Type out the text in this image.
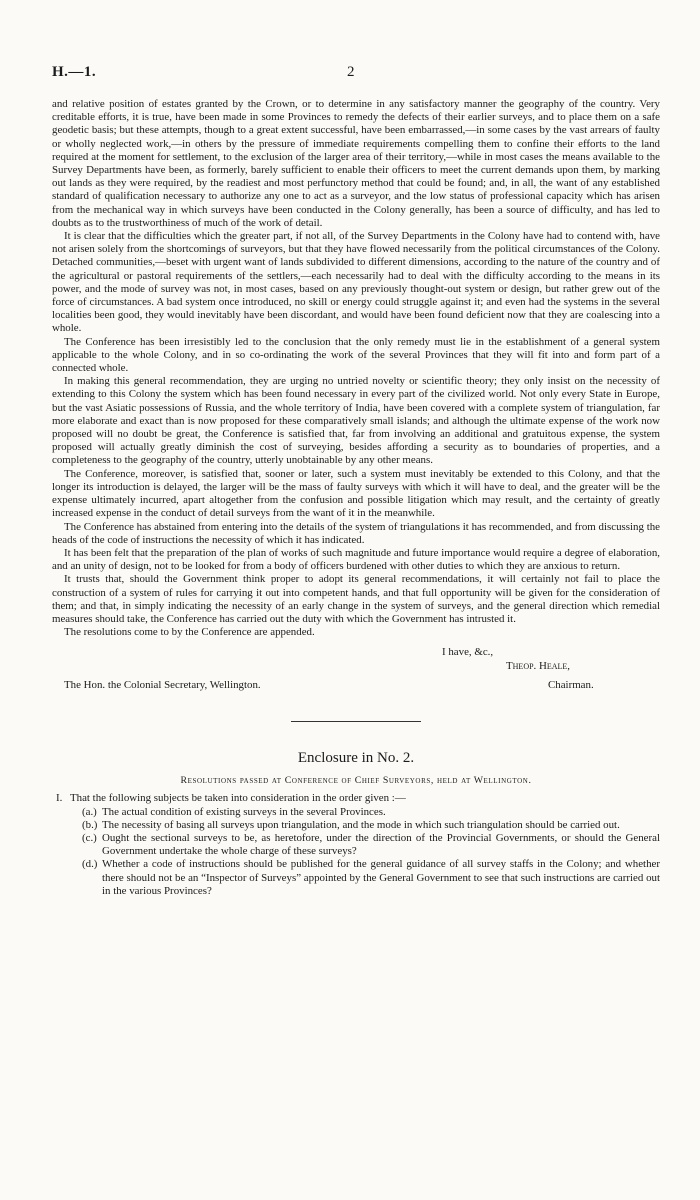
H.—1.	2

and relative position of estates granted by the Crown, or to determine in any satisfactory manner the geography of the country. Very creditable efforts, it is true, have been made in some Provinces to remedy the defects of their earlier surveys, and to place them on a safe geodetic basis; but these attempts, though to a great extent successful, have been embarrassed,—in some cases by the vast arrears of faulty or wholly neglected work,—in others by the pressure of immediate requirements compelling them to confine their efforts to the land required at the moment for settlement, to the exclusion of the larger area of their territory,—while in most cases the means available to the Survey Departments have been, as formerly, barely sufficient to enable their officers to meet the current demands upon them, by marking out lands as they were required, by the readiest and most perfunctory method that could be found; and, in all, the want of any established standard of qualification necessary to authorize any one to act as a surveyor, and the low status of professional capacity which has arisen from the mechanical way in which surveys have been conducted in the Colony generally, has been a source of difficulty, and has led to doubts as to the trustworthiness of much of the work of detail.

It is clear that the difficulties which the greater part, if not all, of the Survey Departments in the Colony have had to contend with, have not arisen solely from the shortcomings of surveyors, but that they have flowed necessarily from the political circumstances of the Colony. Detached communities,—beset with urgent want of lands subdivided to different dimensions, according to the nature of the country and of the agricultural or pastoral requirements of the settlers,—each necessarily had to deal with the difficulty according to the means in its power, and the mode of survey was not, in most cases, based on any previously thought-out system or design, but rather grew out of the force of circumstances. A bad system once introduced, no skill or energy could struggle against it; and even had the systems in the several localities been good, they would inevitably have been discordant, and would have been found deficient now that they are coalescing into a whole.

The Conference has been irresistibly led to the conclusion that the only remedy must lie in the establishment of a general system applicable to the whole Colony, and in so co-ordinating the work of the several Provinces that they will fit into and form part of a connected whole.

In making this general recommendation, they are urging no untried novelty or scientific theory; they only insist on the necessity of extending to this Colony the system which has been found necessary in every part of the civilized world. Not only every State in Europe, but the vast Asiatic possessions of Russia, and the whole territory of India, have been covered with a complete system of triangulation, far more elaborate and exact than is now proposed for these comparatively small islands; and although the ultimate expense of the work now proposed will no doubt be great, the Conference is satisfied that, far from involving an additional and gratuitous expense, the system proposed will actually greatly diminish the cost of surveying, besides affording a security as to boundaries of properties, and a completeness to the geography of the country, utterly unobtainable by any other means.

The Conference, moreover, is satisfied that, sooner or later, such a system must inevitably be extended to this Colony, and that the longer its introduction is delayed, the larger will be the mass of faulty surveys with which it will have to deal, and the greater will be the expense ultimately incurred, apart altogether from the confusion and possible litigation which may result, and the certainty of greatly increased expense in the conduct of detail surveys from the want of it in the meanwhile.

The Conference has abstained from entering into the details of the system of triangulations it has recommended, and from discussing the heads of the code of instructions the necessity of which it has indicated.

It has been felt that the preparation of the plan of works of such magnitude and future importance would require a degree of elaboration, and an unity of design, not to be looked for from a body of officers burdened with other duties to which they are anxious to return.

It trusts that, should the Government think proper to adopt its general recommendations, it will certainly not fail to place the construction of a system of rules for carrying it out into competent hands, and that full opportunity will be given for the consideration of them; and that, in simply indicating the necessity of an early change in the system of surveys, and the general direction which remedial measures should take, the Conference has carried out the duty with which the Government has intrusted it.

The resolutions come to by the Conference are appended.

I have, &c.,
Theop. Heale,
The Hon. the Colonial Secretary, Wellington.	Chairman.
Enclosure in No. 2.
Resolutions passed at Conference of Chief Surveyors, held at Wellington.
I. That the following subjects be taken into consideration in the order given :—
(a.) The actual condition of existing surveys in the several Provinces.
(b.) The necessity of basing all surveys upon triangulation, and the mode in which such triangulation should be carried out.
(c.) Ought the sectional surveys to be, as heretofore, under the direction of the Provincial Governments, or should the General Government undertake the whole charge of these surveys?
(d.) Whether a code of instructions should be published for the general guidance of all survey staffs in the Colony; and whether there should not be an “Inspector of Surveys” appointed by the General Government to see that such instructions are carried out in the various Provinces?
